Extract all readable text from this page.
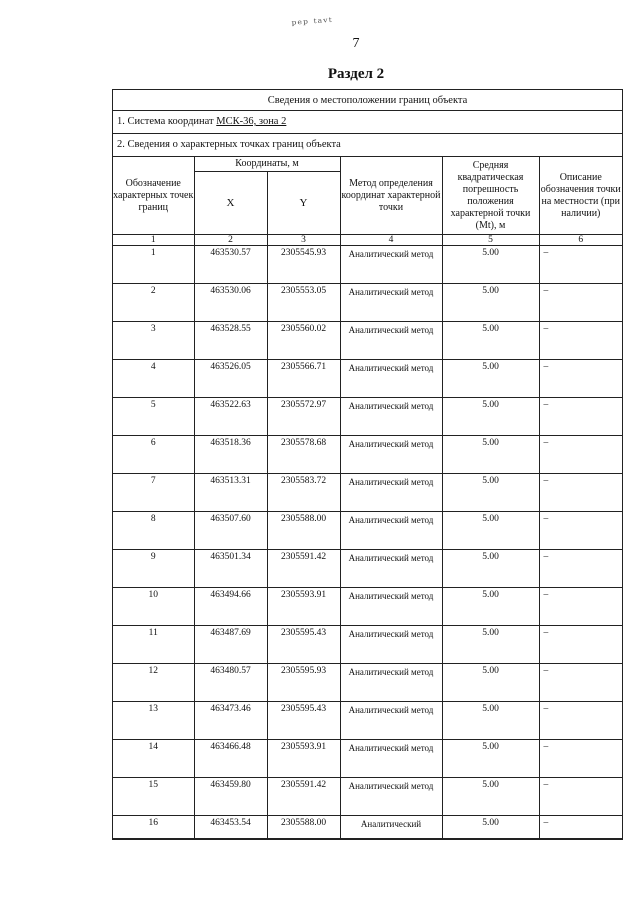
ᵖᵉᵖ ᵗᵃᵛᵗ
7
Раздел 2
Сведения о местоположении границ объекта
1. Система координат МСК-36, зона 2
2. Сведения о характерных точках границ объекта
Обозначение характерных точек границ	Координаты, м		Метод определения координат характерной точки	Средняя квадратическая погрешность положения характерной точки (Mt), м	Описание обозначения точки на местности (при наличии)
	X	Y			
1	2	3	4	5	6
1	463530.57	2305545.93	Аналитический метод	5.00	–
2	463530.06	2305553.05	Аналитический метод	5.00	–
3	463528.55	2305560.02	Аналитический метод	5.00	–
4	463526.05	2305566.71	Аналитический метод	5.00	–
5	463522.63	2305572.97	Аналитический метод	5.00	–
6	463518.36	2305578.68	Аналитический метод	5.00	–
7	463513.31	2305583.72	Аналитический метод	5.00	–
8	463507.60	2305588.00	Аналитический метод	5.00	–
9	463501.34	2305591.42	Аналитический метод	5.00	–
10	463494.66	2305593.91	Аналитический метод	5.00	–
11	463487.69	2305595.43	Аналитический метод	5.00	–
12	463480.57	2305595.93	Аналитический метод	5.00	–
13	463473.46	2305595.43	Аналитический метод	5.00	–
14	463466.48	2305593.91	Аналитический метод	5.00	–
15	463459.80	2305591.42	Аналитический метод	5.00	–
16	463453.54	2305588.00	Аналитический	5.00	–
